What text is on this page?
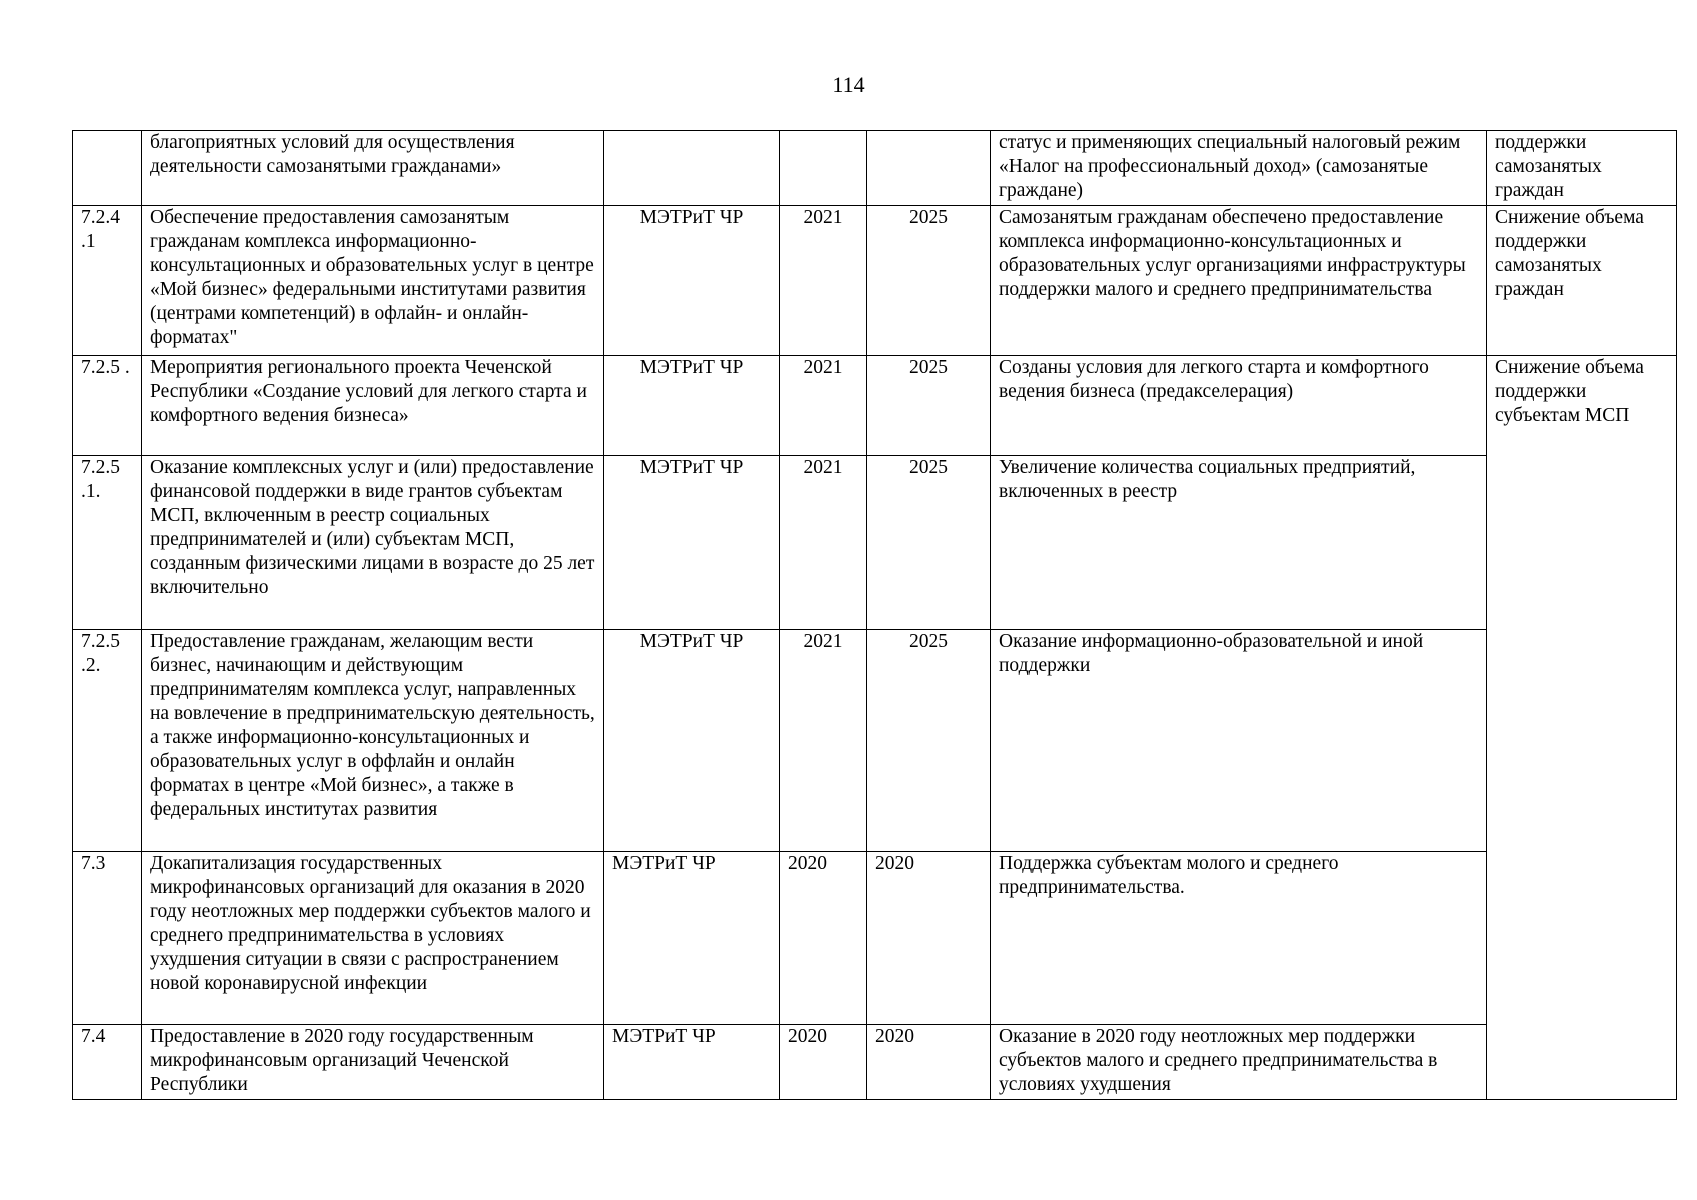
114
	благоприятных условий для осуществления деятельности самозанятыми гражданами»				статус и применяющих специальный налоговый режим «Налог на профессиональный доход» (самозанятые граждане)	поддержки самозанятых граждан	
7.2.4 .1	Обеспечение предоставления самозанятым гражданам комплекса информационно-консультационных и образовательных услуг в центре «Мой бизнес» федеральными институтами развития (центрами компетенций) в офлайн- и онлайн-форматах"	МЭТРиТ ЧР	2021	2025	Самозанятым гражданам обеспечено предоставление комплекса информационно-консультационных и образовательных услуг организациями инфраструктуры поддержки малого и среднего предпринимательства	Снижение объема поддержки самозанятых граждан	
7.2.5 .	Мероприятия регионального проекта Чеченской Республики «Создание условий для легкого старта и комфортного ведения бизнеса»	МЭТРиТ ЧР	2021	2025	Созданы условия для легкого старта и комфортного ведения бизнеса (предакселерация)	Снижение объема поддержки субъектам МСП	
7.2.5 .1.	Оказание комплексных услуг и (или) предоставление финансовой поддержки в виде грантов субъектам МСП, включенным в реестр социальных предпринимателей и (или) субъектам МСП, созданным физическими лицами в возрасте до 25 лет включительно	МЭТРиТ ЧР	2021	2025	Увеличение количества социальных предприятий, включенных в реестр		
7.2.5 .2.	Предоставление гражданам, желающим вести бизнес, начинающим и действующим предпринимателям комплекса услуг, направленных на вовлечение в предпринимательскую деятельность, а также информационно-консультационных и образовательных услуг в оффлайн и онлайн форматах в центре «Мой бизнес», а также в федеральных институтах развития	МЭТРиТ ЧР	2021	2025	Оказание информационно-образовательной и иной поддержки		
7.3	Докапитализация государственных микрофинансовых организаций для оказания в 2020 году неотложных мер поддержки субъектов малого и среднего предпринимательства в условиях ухудшения ситуации в связи с распространением новой коронавирусной инфекции	МЭТРиТ ЧР	2020	2020	Поддержка субъектам молого и среднего предпринимательства.		
7.4	Предоставление в 2020 году государственным микрофинансовым организаций Чеченской Республики	МЭТРиТ ЧР	2020	2020	Оказание в 2020 году неотложных мер поддержки субъектов малого и среднего предпринимательства в условиях ухудшения		
